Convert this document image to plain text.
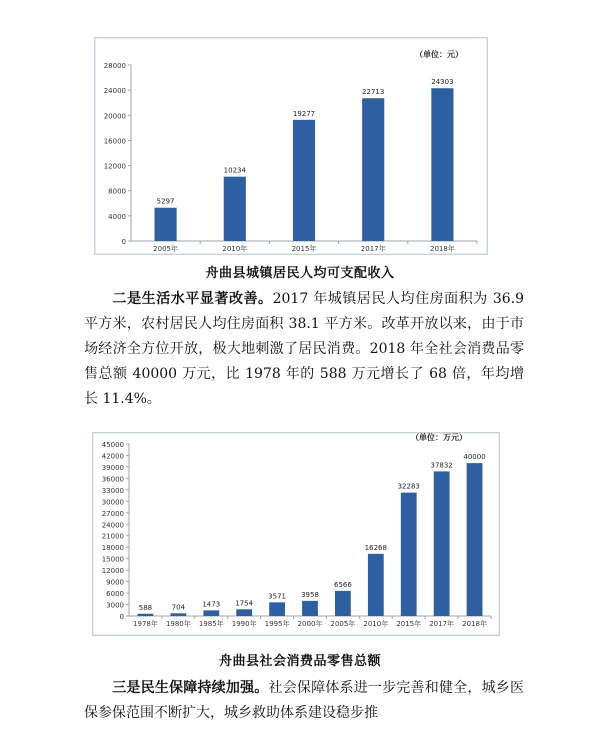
（单位：元）
0
4000
8000
12000
16000
20000
24000
28000
5297
2005年
10234
2010年
19277
2015年
22713
2017年
24303
2018年
舟曲县城镇居民人均可支配收入
二是生活水平显著改善。2017 年城镇居民人均住房面积为 36.9 平方米，农村居民人均住房面积 38.1 平方米。改革开放以来，由于市场经济全方位开放，极大地刺激了居民消费。2018 年全社会消费品零售总额 40000 万元，比 1978 年的 588 万元增长了 68 倍，年均增长 11.4%。
（单位：万元）
0
3000
6000
9000
12000
15000
18000
21000
24000
27000
30000
33000
36000
39000
42000
45000
588
1978年
704
1980年
1473
1985年
1754
1990年
3571
1995年
3958
2000年
6566
2005年
16268
2010年
32283
2015年
37832
2017年
40000
2018年
舟曲县社会消费品零售总额
三是民生保障持续加强。社会保障体系进一步完善和健全，城乡医保参保范围不断扩大，城乡救助体系建设稳步推
